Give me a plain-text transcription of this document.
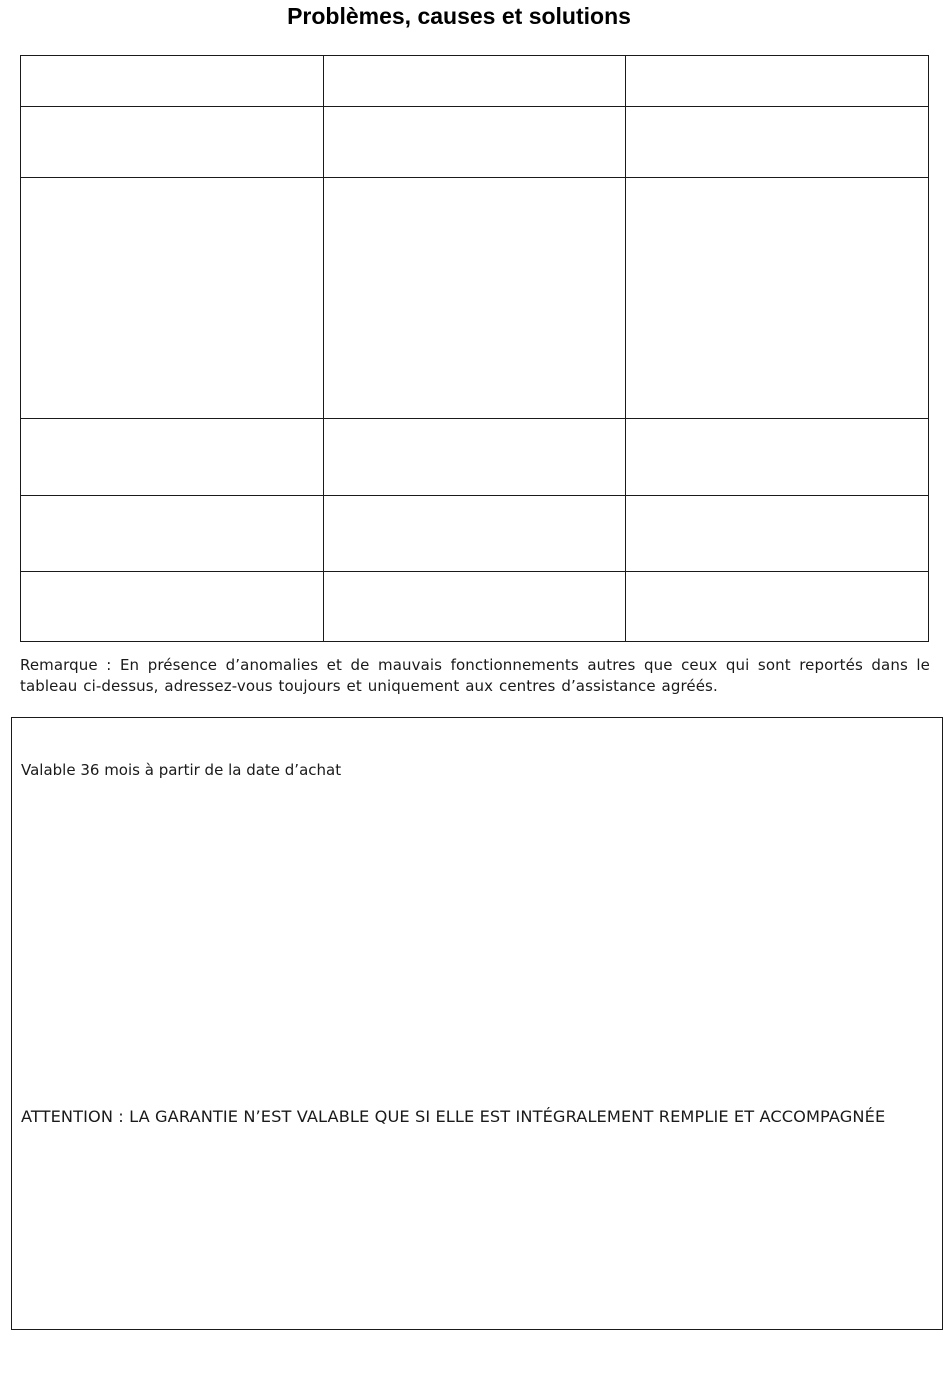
Problèmes, causes et solutions

Remarque : En présence d’anomalies et de mauvais fonctionnements autres que ceux qui sont reportés dans le tableau ci-dessus, adressez-vous toujours et uniquement aux centres d’assistance agréés.
Valable 36 mois à partir de la date d’achat
ATTENTION : LA GARANTIE N’EST VALABLE QUE SI ELLE EST INTÉGRALEMENT REMPLIE ET ACCOMPAGNÉE
